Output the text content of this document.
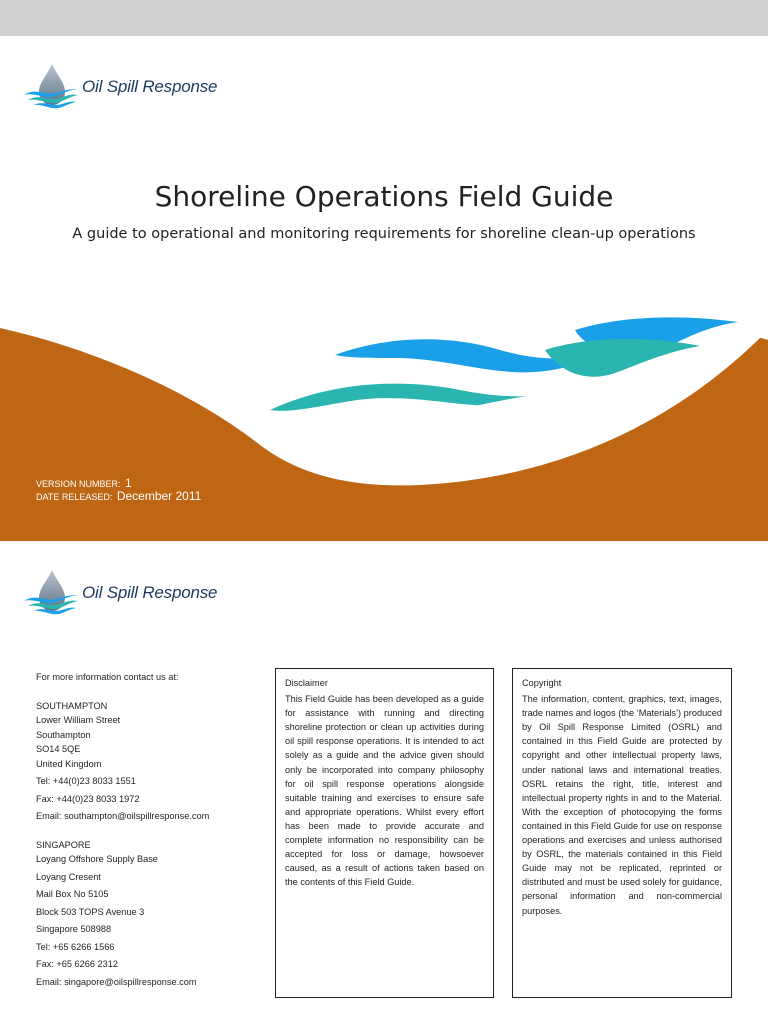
Oil Spill Response
Shoreline Operations Field Guide

A guide to operational and monitoring requirements for shoreline clean-up operations

VERSION NUMBER: 1
DATE RELEASED: December 2011
Oil Spill Response
For more information contact us at:
SOUTHAMPTON
Lower William Street
Southampton
SO14 5QE
United Kingdom
Tel: +44(0)23 8033 1551
Fax: +44(0)23 8033 1972
Email: southampton@oilspillresponse.com
SINGAPORE
Loyang Offshore Supply Base
Loyang Cresent
Mail Box No 5105
Block 503 TOPS Avenue 3
Singapore 508988
Tel: +65 6266 1566
Fax: +65 6266 2312
Email: singapore@oilspillresponse.com
Disclaimer
This Field Guide has been developed as a guide for assistance with running and directing shoreline protection or clean up activities during oil spill response operations. It is intended to act solely as a guide and the advice given should only be incorporated into company philosophy for oil spill response operations alongside suitable training and exercises to ensure safe and appropriate operations. Whilst every effort has been made to provide accurate and complete information no responsibility can be accepted for loss or damage, howsoever caused, as a result of actions taken based on the contents of this Field Guide.
Copyright
The information, content, graphics, text, images, trade names and logos (the ‘Materials’) produced by Oil Spill Response Limited (OSRL) and contained in this Field Guide are protected by copyright and other intellectual property laws, under national laws and international treaties. OSRL retains the right, title, interest and intellectual property rights in and to the Material. With the exception of photocopying the forms contained in this Field Guide for use on response operations and exercises and unless authorised by OSRL, the materials contained in this Field Guide may not be replicated, reprinted or distributed and must be used solely for guidance, personal information and non-commercial purposes.
